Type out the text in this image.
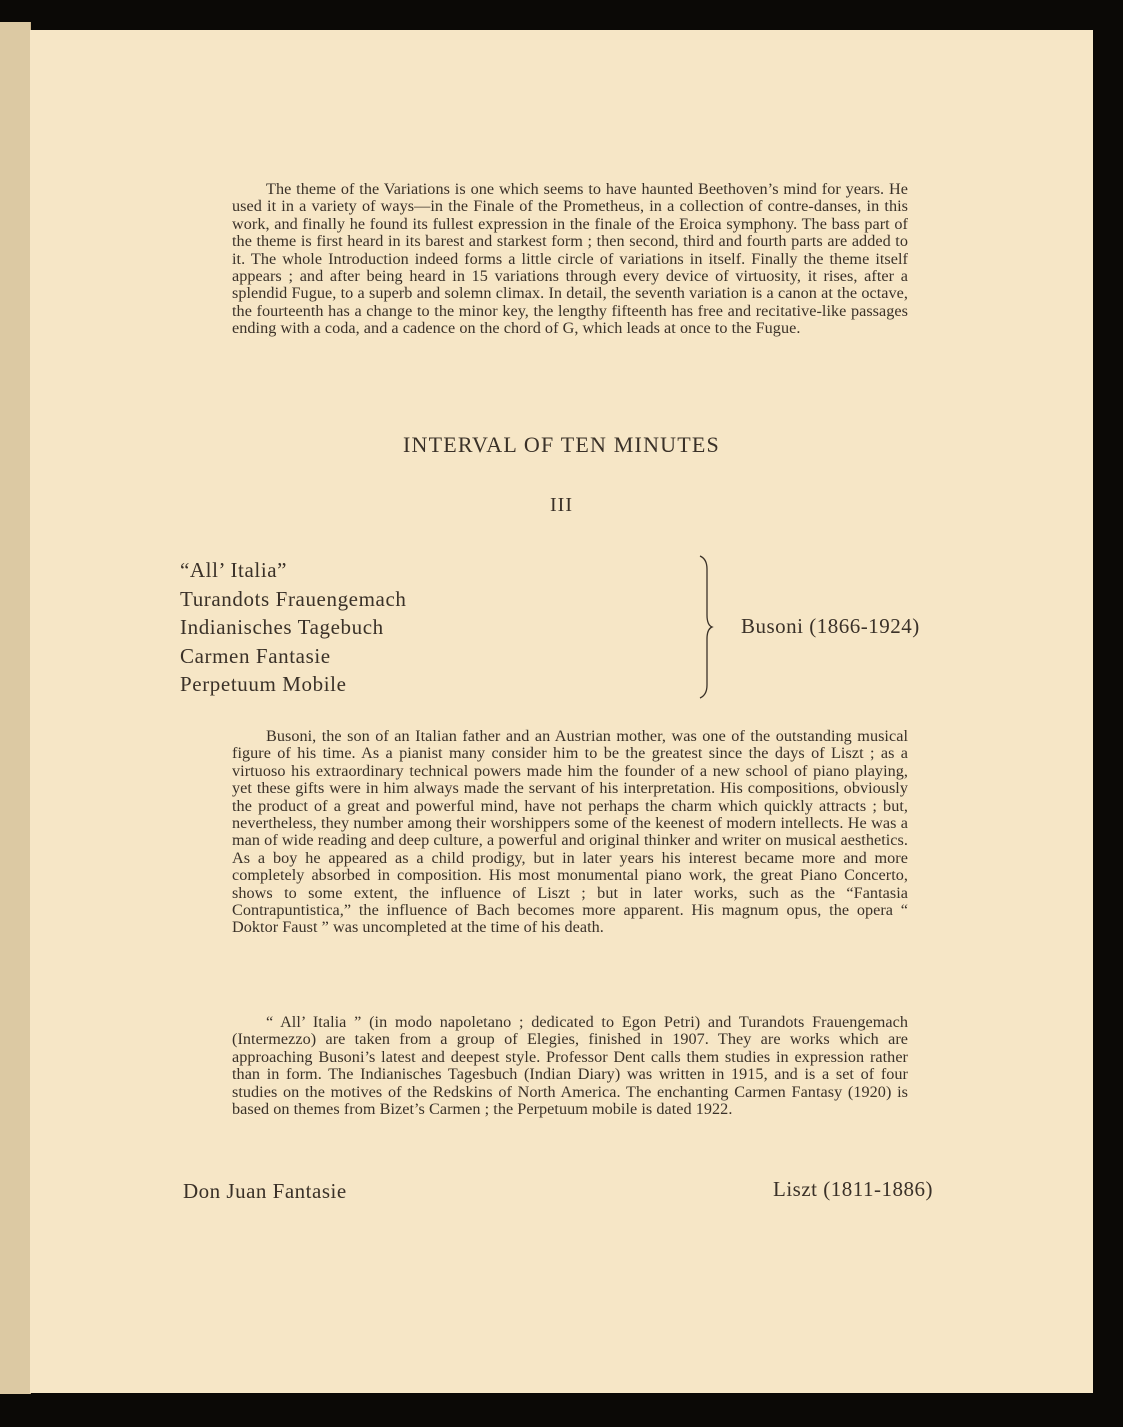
The theme of the Variations is one which seems to have haunted Beethoven’s mind for years. He used it in a variety of ways—in the Finale of the Prometheus, in a collection of contre-danses, in this work, and finally he found its fullest expression in the finale of the Eroica symphony. The bass part of the theme is first heard in its barest and starkest form ; then second, third and fourth parts are added to it. The whole Introduction indeed forms a little circle of variations in itself. Finally the theme itself appears ; and after being heard in 15 variations through every device of virtuosity, it rises, after a splendid Fugue, to a superb and solemn climax. In detail, the seventh variation is a canon at the octave, the fourteenth has a change to the minor key, the lengthy fifteenth has free and recitative-like passages ending with a coda, and a cadence on the chord of G, which leads at once to the Fugue.

INTERVAL OF TEN MINUTES
III
“All’ Italia”
Turandots Frauengemach
Indianisches Tagebuch
Carmen Fantasie
Perpetuum Mobile
Busoni (1866-1924)

Busoni, the son of an Italian father and an Austrian mother, was one of the outstanding musical figure of his time. As a pianist many consider him to be the greatest since the days of Liszt ; as a virtuoso his extraordinary technical powers made him the founder of a new school of piano playing, yet these gifts were in him always made the servant of his interpretation. His compositions, obviously the product of a great and powerful mind, have not perhaps the charm which quickly attracts ; but, nevertheless, they number among their worshippers some of the keenest of modern intellects. He was a man of wide reading and deep culture, a powerful and original thinker and writer on musical aesthetics. As a boy he appeared as a child prodigy, but in later years his interest became more and more completely absorbed in composition. His most monumental piano work, the great Piano Concerto, shows to some extent, the influence of Liszt ; but in later works, such as the “Fantasia Contrapuntistica,” the influence of Bach becomes more apparent. His magnum opus, the opera “ Doktor Faust ” was uncompleted at the time of his death.

“ All’ Italia ” (in modo napoletano ; dedicated to Egon Petri) and Turandots Frauengemach (Intermezzo) are taken from a group of Elegies, finished in 1907. They are works which are approaching Busoni’s latest and deepest style. Professor Dent calls them studies in expression rather than in form. The Indianisches Tagesbuch (Indian Diary) was written in 1915, and is a set of four studies on the motives of the Redskins of North America. The enchanting Carmen Fantasy (1920) is based on themes from Bizet’s Carmen ; the Perpetuum mobile is dated 1922.

Don Juan Fantasie	Liszt (1811-1886)
